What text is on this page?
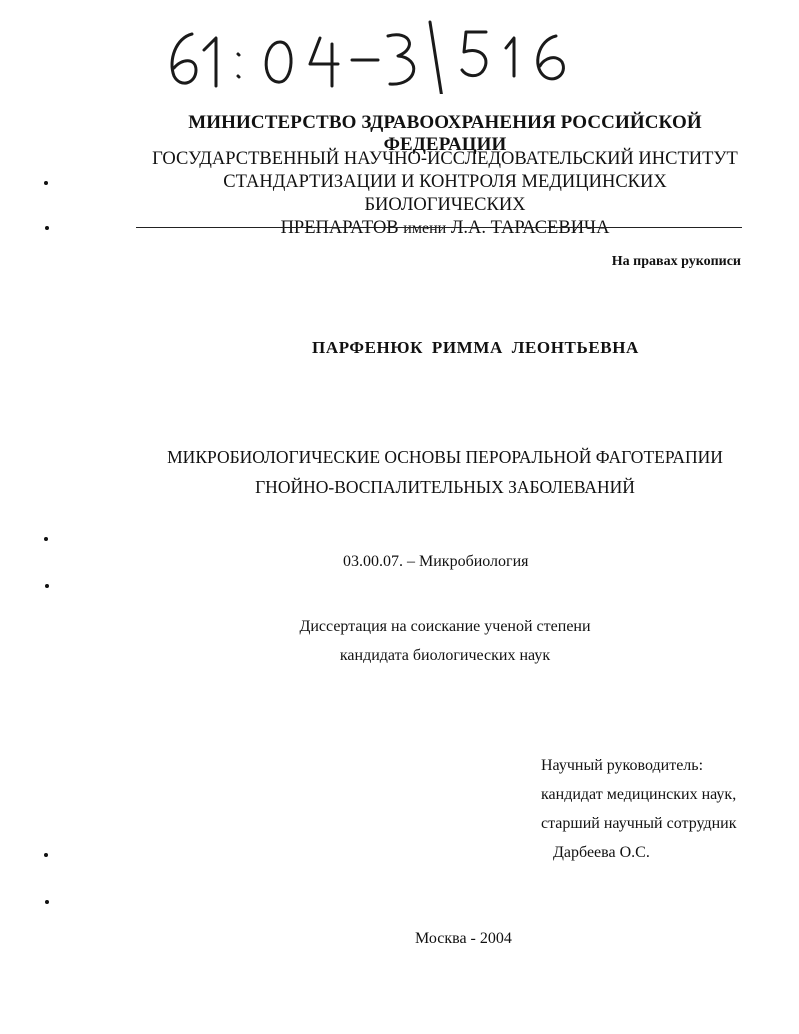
МИНИСТЕРСТВО ЗДРАВООХРАНЕНИЯ РОССИЙСКОЙ ФЕДЕРАЦИИ
ГОСУДАРСТВЕННЫЙ НАУЧНО-ИССЛЕДОВАТЕЛЬСКИЙ ИНСТИТУТ
СТАНДАРТИЗАЦИИ И КОНТРОЛЯ МЕДИЦИНСКИХ БИОЛОГИЧЕСКИХ
ПРЕПАРАТОВ имени Л.А. ТАРАСЕВИЧА
На правах рукописи
ПАРФЕНЮК РИММА ЛЕОНТЬЕВНА
МИКРОБИОЛОГИЧЕСКИЕ ОСНОВЫ ПЕРОРАЛЬНОЙ ФАГОТЕРАПИИ
ГНОЙНО-ВОСПАЛИТЕЛЬНЫХ ЗАБОЛЕВАНИЙ
03.00.07. – Микробиология
Диссертация на соискание ученой степени
кандидата биологических наук
Научный руководитель:
кандидат медицинских наук,
старший научный сотрудник
Дарбеева О.С.
Москва - 2004
